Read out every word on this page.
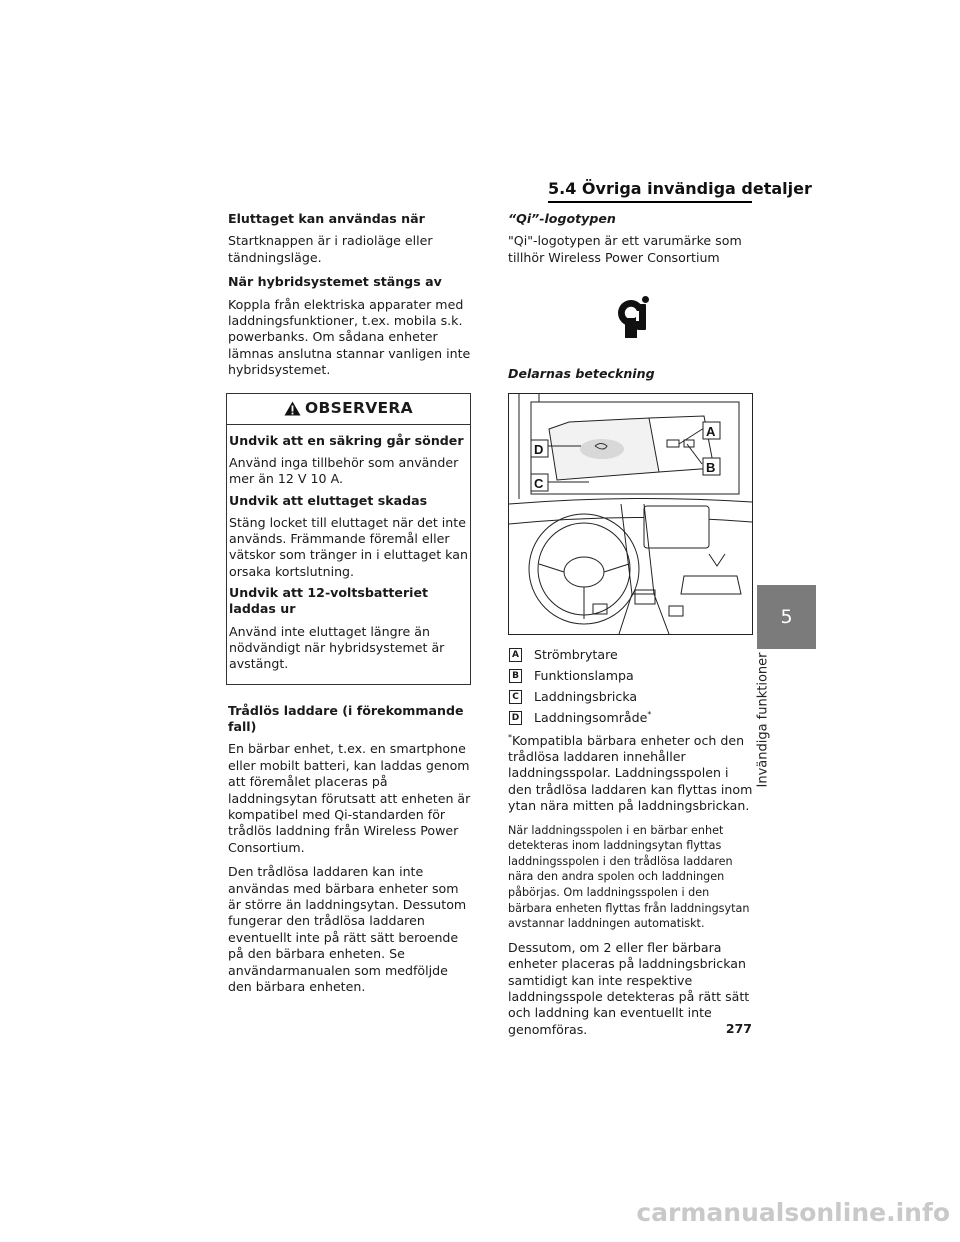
5.4 Övriga invändiga detaljer

Eluttaget kan användas när

Startknappen är i radioläge eller tändningsläge.

När hybridsystemet stängs av

Koppla från elektriska apparater med laddningsfunktioner, t.ex. mobila s.k. powerbanks. Om sådana enheter lämnas anslutna stannar vanligen inte hybridsystemet.

OBSERVERA

Undvik att en säkring går sönder

Använd inga tillbehör som använder mer än 12 V 10 A.

Undvik att eluttaget skadas

Stäng locket till eluttaget när det inte används. Främmande föremål eller vätskor som tränger in i eluttaget kan orsaka kortslutning.

Undvik att 12-voltsbatteriet laddas ur

Använd inte eluttaget längre än nödvändigt när hybridsystemet är avstängt.

Trådlös laddare (i förekommande fall)

En bärbar enhet, t.ex. en smartphone eller mobilt batteri, kan laddas genom att föremålet placeras på laddningsytan förutsatt att enheten är kompatibel med Qi-standarden för trådlös laddning från Wireless Power Consortium.

Den trådlösa laddaren kan inte användas med bärbara enheter som är större än laddningsytan. Dessutom fungerar den trådlösa laddaren eventuellt inte på rätt sätt beroende på den bärbara enheten. Se användarmanualen som medföljde den bärbara enheten.

“Qi”-logotypen

"Qi"-logotypen är ett varumärke som tillhör Wireless Power Consortium

Delarnas beteckning

A
B
D
C
A Strömbrytare
B Funktionslampa
C Laddningsbricka
D Laddningsområde*

*Kompatibla bärbara enheter och den trådlösa laddaren innehåller laddningsspolar. Laddningsspolen i den trådlösa laddaren kan flyttas inom ytan nära mitten på laddningsbrickan.

När laddningsspolen i en bärbar enhet detekteras inom laddningsytan flyttas laddningsspolen i den trådlösa laddaren nära den andra spolen och laddningen påbörjas. Om laddningsspolen i den bärbara enheten flyttas från laddningsytan avstannar laddningen automatiskt.

Dessutom, om 2 eller fler bärbara enheter placeras på laddningsbrickan samtidigt kan inte respektive laddningsspole detekteras på rätt sätt och laddning kan eventuellt inte genomföras.	277
5
Invändiga funktioner
carmanualsonline.info
